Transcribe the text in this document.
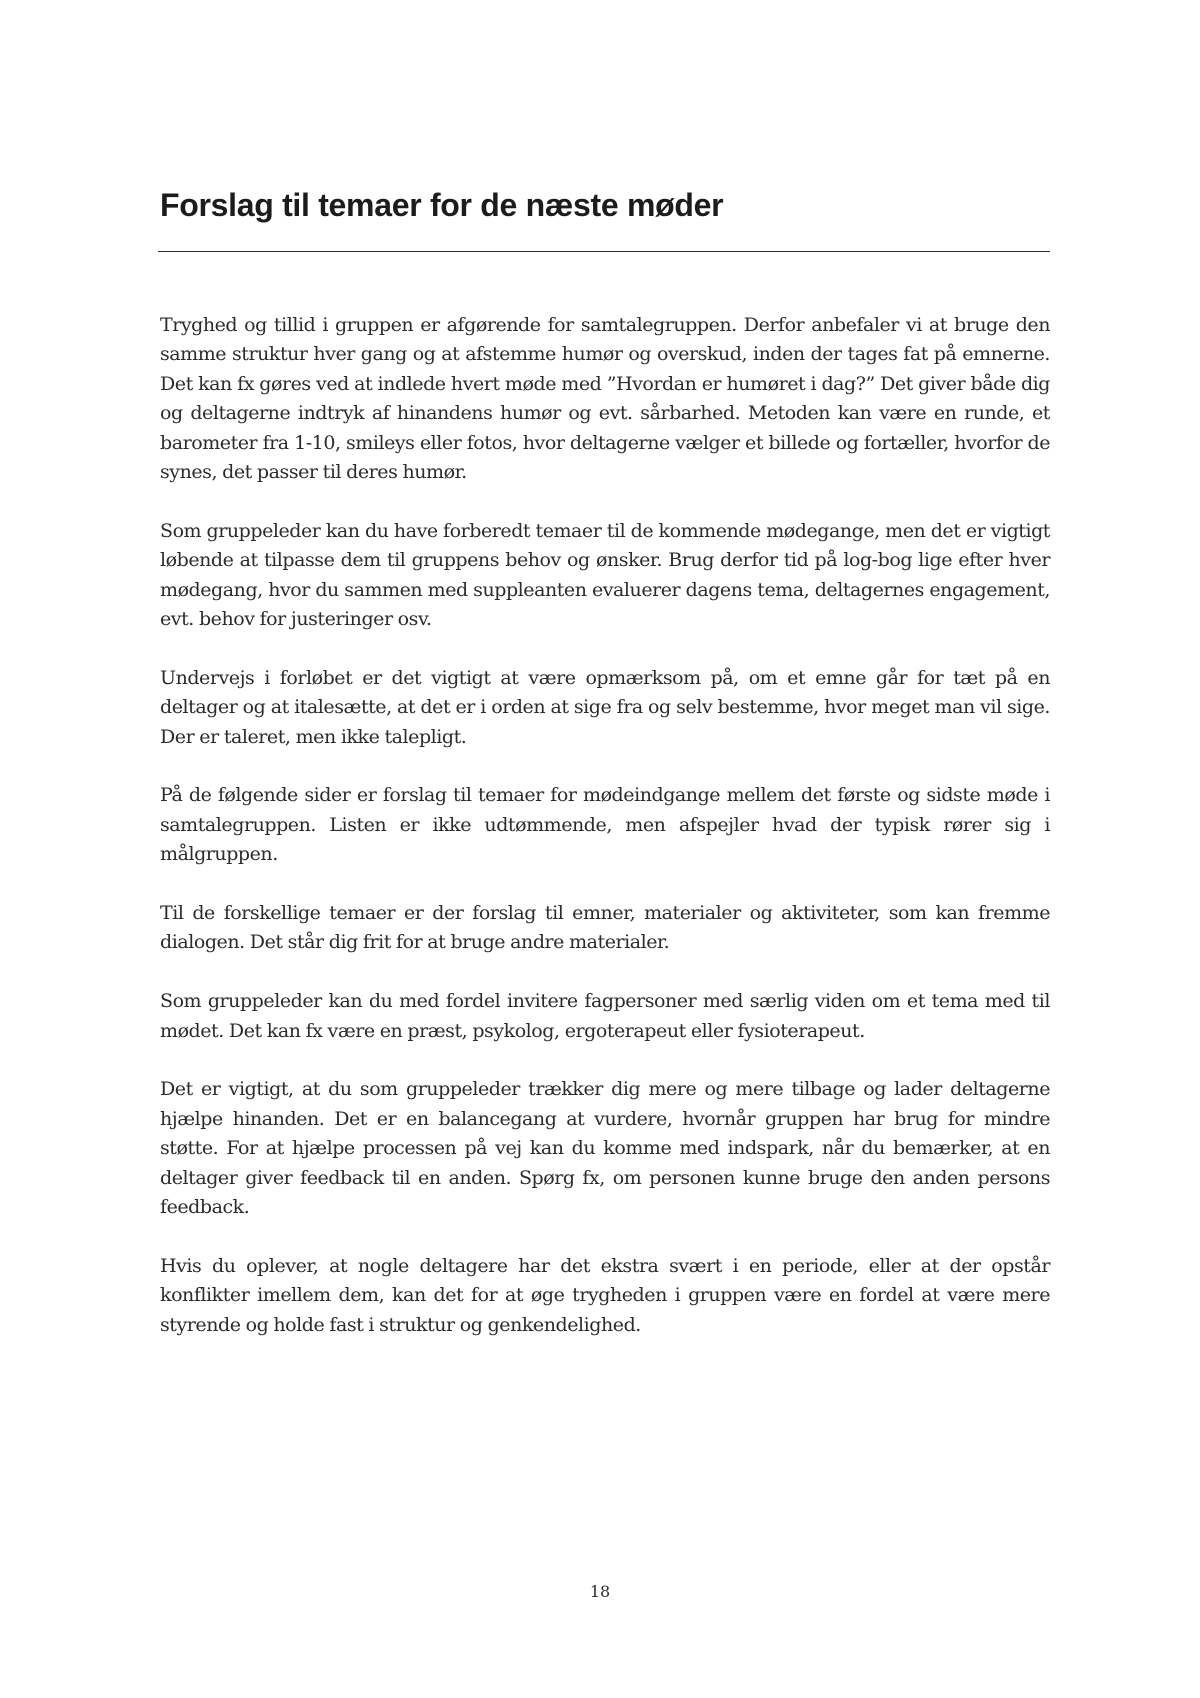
Forslag til temaer for de næste møder

Tryghed og tillid i gruppen er afgørende for samtalegruppen. Derfor anbefaler vi at bruge den samme struktur hver gang og at afstemme humør og overskud, inden der tages fat på emnerne. Det kan fx gøres ved at indlede hvert møde med ”Hvordan er humøret i dag?” Det giver både dig og deltagerne indtryk af hinandens humør og evt. sårbarhed. Metoden kan være en runde, et barometer fra 1-10, smileys eller fotos, hvor deltagerne vælger et billede og fortæller, hvorfor de synes, det passer til deres humør.

Som gruppeleder kan du have forberedt temaer til de kommende mødegange, men det er vigtigt løbende at tilpasse dem til gruppens behov og ønsker. Brug derfor tid på log-bog lige efter hver mødegang, hvor du sammen med suppleanten evaluerer dagens tema, deltagernes engagement, evt. behov for justeringer osv.

Undervejs i forløbet er det vigtigt at være opmærksom på, om et emne går for tæt på en deltager og at italesætte, at det er i orden at sige fra og selv bestemme, hvor meget man vil sige. Der er taleret, men ikke talepligt.

På de følgende sider er forslag til temaer for mødeindgange mellem det første og sidste møde i samtalegruppen. Listen er ikke udtømmende, men afspejler hvad der typisk rører sig i målgruppen.

Til de forskellige temaer er der forslag til emner, materialer og aktiviteter, som kan fremme dialogen. Det står dig frit for at bruge andre materialer.

Som gruppeleder kan du med fordel invitere fagpersoner med særlig viden om et tema med til mødet. Det kan fx være en præst, psykolog, ergoterapeut eller fysioterapeut.

Det er vigtigt, at du som gruppeleder trækker dig mere og mere tilbage og lader deltagerne hjælpe hinanden. Det er en balancegang at vurdere, hvornår gruppen har brug for mindre støtte. For at hjælpe processen på vej kan du komme med indspark, når du bemærker, at en deltager giver feedback til en anden. Spørg fx, om personen kunne bruge den anden persons feedback.

Hvis du oplever, at nogle deltagere har det ekstra svært i en periode, eller at der opstår konflikter imellem dem, kan det for at øge trygheden i gruppen være en fordel at være mere styrende og holde fast i struktur og genkendelighed.

18
